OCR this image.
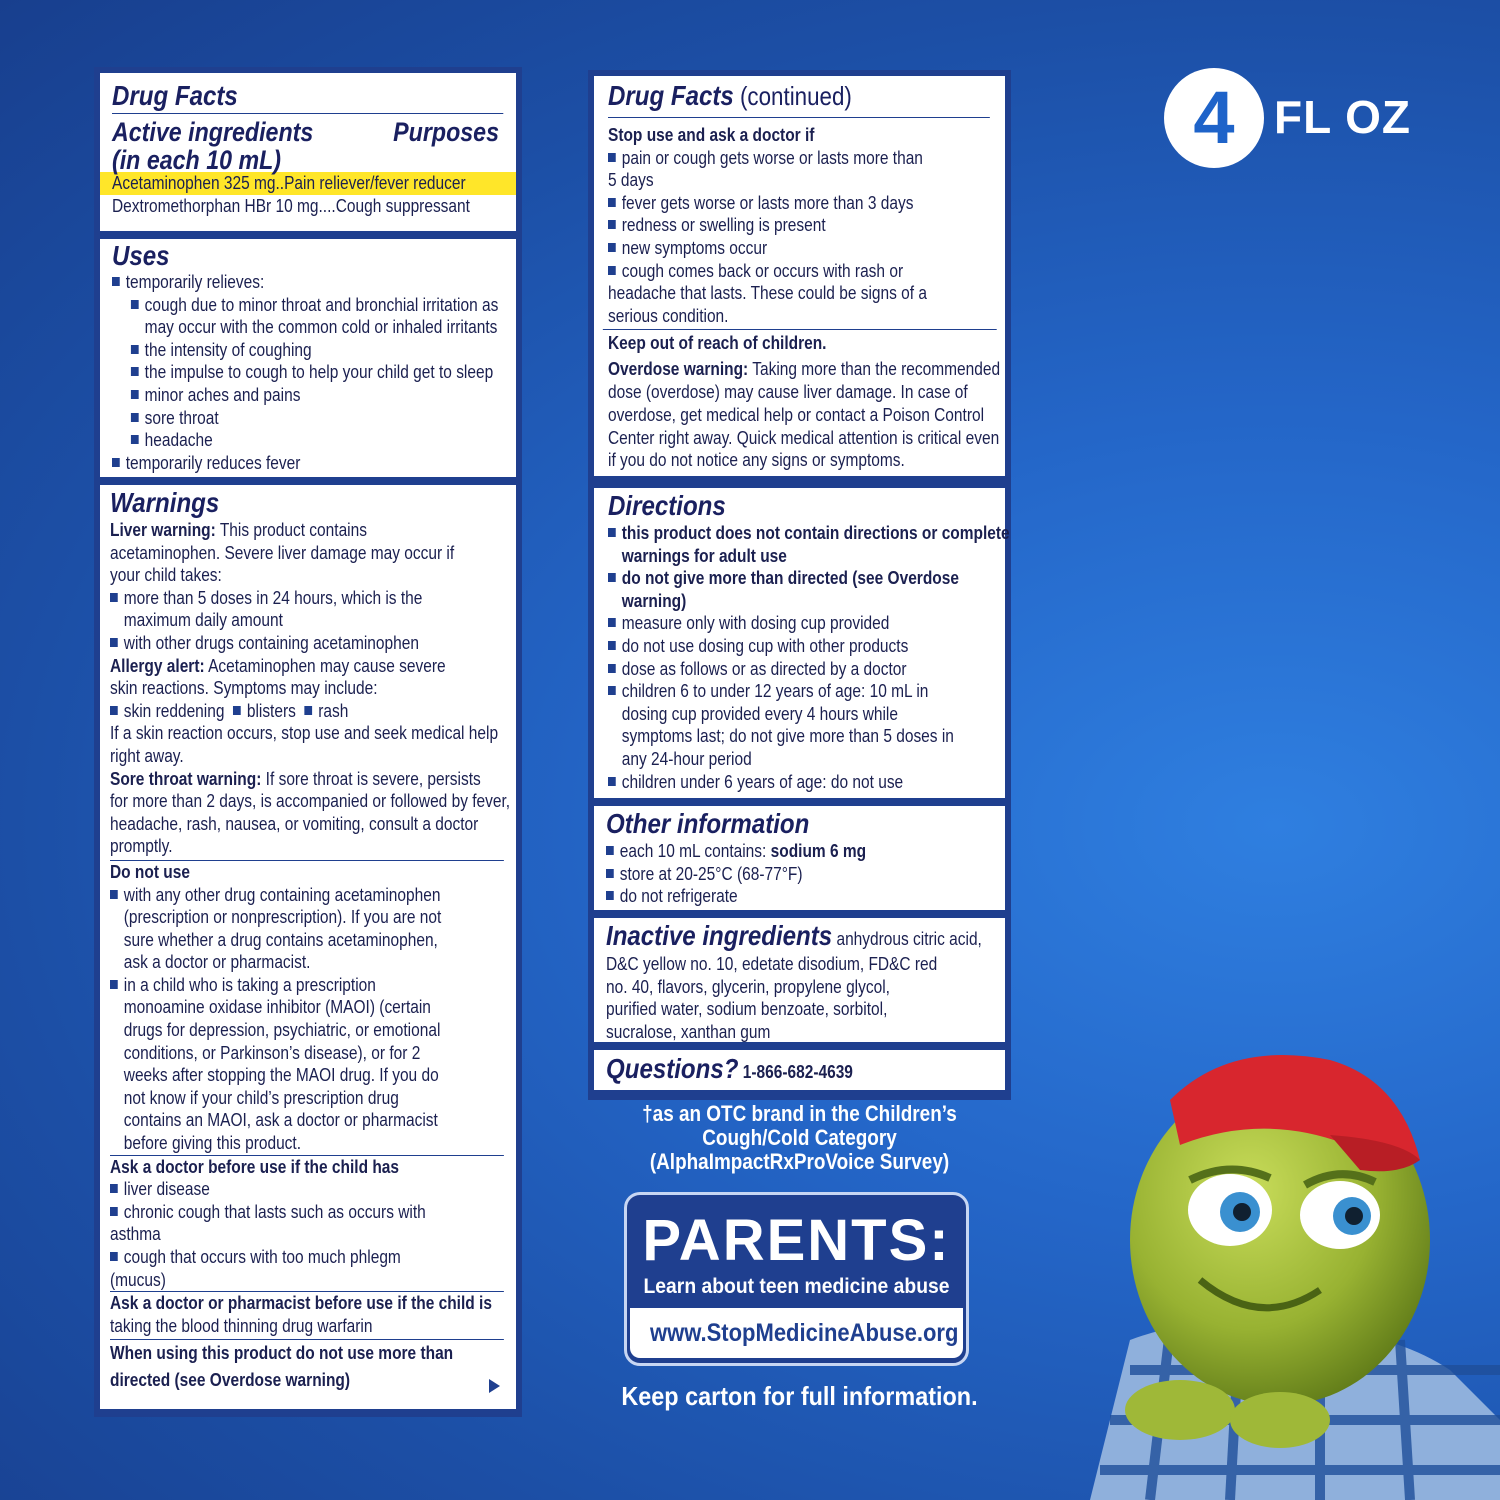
4 FL OZ
Drug Facts
Active ingredients	Purposes
(in each 10 mL)
Acetaminophen 325 mg..Pain reliever/fever reducer
Dextromethorphan HBr 10 mg....Cough suppressant
Uses
temporarily relieves:
cough due to minor throat and bronchial irritation as
may occur with the common cold or inhaled irritants
the intensity of coughing
the impulse to cough to help your child get to sleep
minor aches and pains
sore throat
headache
temporarily reduces fever
Warnings
Liver warning: This product contains
acetaminophen. Severe liver damage may occur if
your child takes:
more than 5 doses in 24 hours, which is the
maximum daily amount
with other drugs containing acetaminophen
Allergy alert: Acetaminophen may cause severe
skin reactions. Symptoms may include:
skin reddening blisters rash
If a skin reaction occurs, stop use and seek medical help
right away.
Sore throat warning: If sore throat is severe, persists
for more than 2 days, is accompanied or followed by fever,
headache, rash, nausea, or vomiting, consult a doctor
promptly.
Do not use
with any other drug containing acetaminophen
(prescription or nonprescription). If you are not
sure whether a drug contains acetaminophen,
ask a doctor or pharmacist.
in a child who is taking a prescription
monoamine oxidase inhibitor (MAOI) (certain
drugs for depression, psychiatric, or emotional
conditions, or Parkinson’s disease), or for 2
weeks after stopping the MAOI drug. If you do
not know if your child’s prescription drug
contains an MAOI, ask a doctor or pharmacist
before giving this product.
Ask a doctor before use if the child has
liver disease
chronic cough that lasts such as occurs with
asthma
cough that occurs with too much phlegm
(mucus)
Ask a doctor or pharmacist before use if the child is
taking the blood thinning drug warfarin
When using this product do not use more than
directed (see Overdose warning)
Drug Facts (continued)
Stop use and ask a doctor if
pain or cough gets worse or lasts more than
5 days
fever gets worse or lasts more than 3 days
redness or swelling is present
new symptoms occur
cough comes back or occurs with rash or
headache that lasts. These could be signs of a
serious condition.
Keep out of reach of children.
Overdose warning: Taking more than the recommended
dose (overdose) may cause liver damage. In case of
overdose, get medical help or contact a Poison Control
Center right away. Quick medical attention is critical even
if you do not notice any signs or symptoms.
Directions
this product does not contain directions or complete
warnings for adult use
do not give more than directed (see Overdose
warning)
measure only with dosing cup provided
do not use dosing cup with other products
dose as follows or as directed by a doctor
children 6 to under 12 years of age: 10 mL in
dosing cup provided every 4 hours while
symptoms last; do not give more than 5 doses in
any 24-hour period
children under 6 years of age: do not use
Other information
each 10 mL contains: sodium 6 mg
store at 20-25°C (68-77°F)
do not refrigerate
Inactive ingredients anhydrous citric acid,
D&C yellow no. 10, edetate disodium, FD&C red
no. 40, flavors, glycerin, propylene glycol,
purified water, sodium benzoate, sorbitol,
sucralose, xanthan gum
Questions? 1-866-682-4639
†as an OTC brand in the Children’s
Cough/Cold Category
(AlphaImpactRxProVoice Survey)
PARENTS:
Learn about teen medicine abuse
www.StopMedicineAbuse.org
Keep carton for full information.
